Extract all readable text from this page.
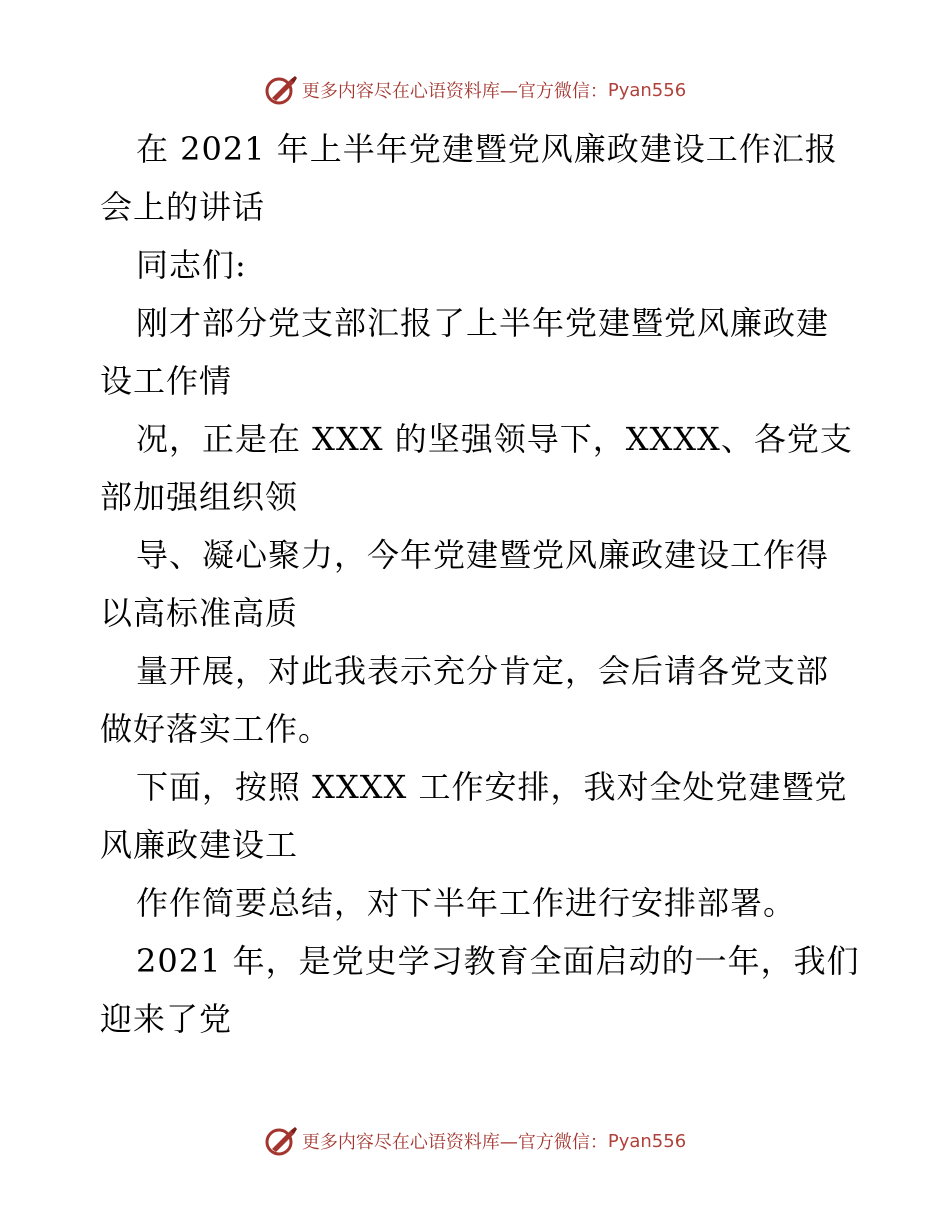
更多内容尽在心语资料库—官方微信： Pyan556

在 2021 年上半年党建暨党风廉政建设工作汇报会上的讲话

同志们:

刚才部分党支部汇报了上半年党建暨党风廉政建设工作情

况，正是在 XXX 的坚强领导下，XXXX、各党支部加强组织领

导、凝心聚力，今年党建暨党风廉政建设工作得以高标准高质

量开展，对此我表示充分肯定，会后请各党支部做好落实工作。

下面，按照 XXXX 工作安排，我对全处党建暨党风廉政建设工

作作简要总结，对下半年工作进行安排部署。

2021 年，是党史学习教育全面启动的一年，我们迎来了党

更多内容尽在心语资料库—官方微信： Pyan556
